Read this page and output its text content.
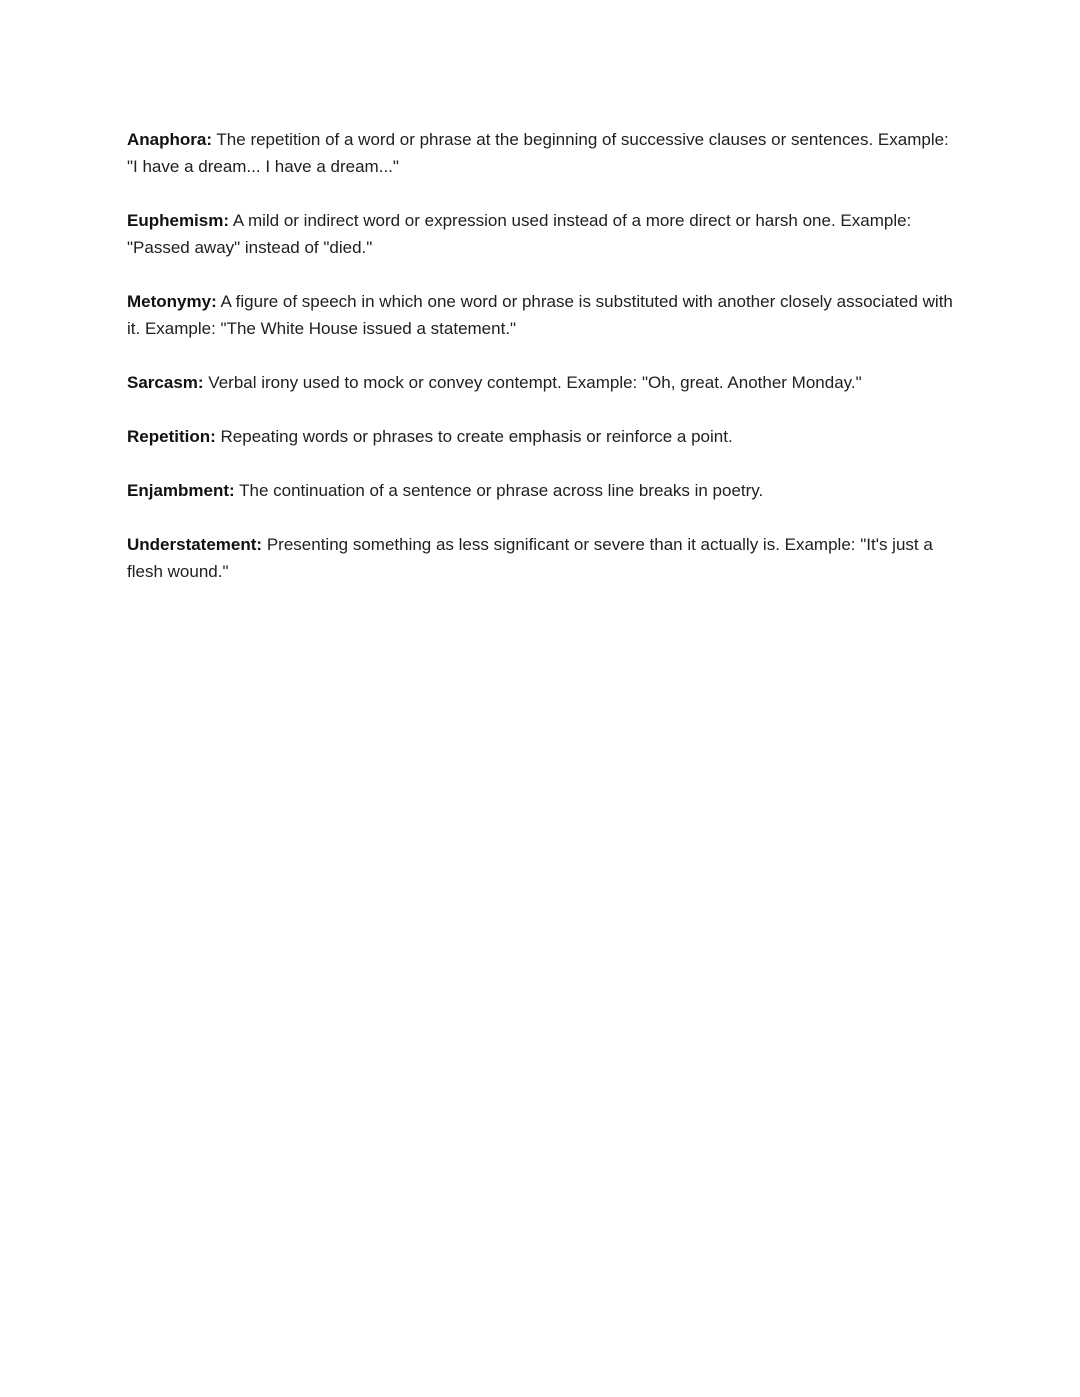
Anaphora: The repetition of a word or phrase at the beginning of successive clauses or sentences. Example: "I have a dream... I have a dream..."

Euphemism: A mild or indirect word or expression used instead of a more direct or harsh one. Example: "Passed away" instead of "died."

Metonymy: A figure of speech in which one word or phrase is substituted with another closely associated with it. Example: "The White House issued a statement."

Sarcasm: Verbal irony used to mock or convey contempt. Example: "Oh, great. Another Monday."

Repetition: Repeating words or phrases to create emphasis or reinforce a point.

Enjambment: The continuation of a sentence or phrase across line breaks in poetry.

Understatement: Presenting something as less significant or severe than it actually is. Example: "It's just a flesh wound."
